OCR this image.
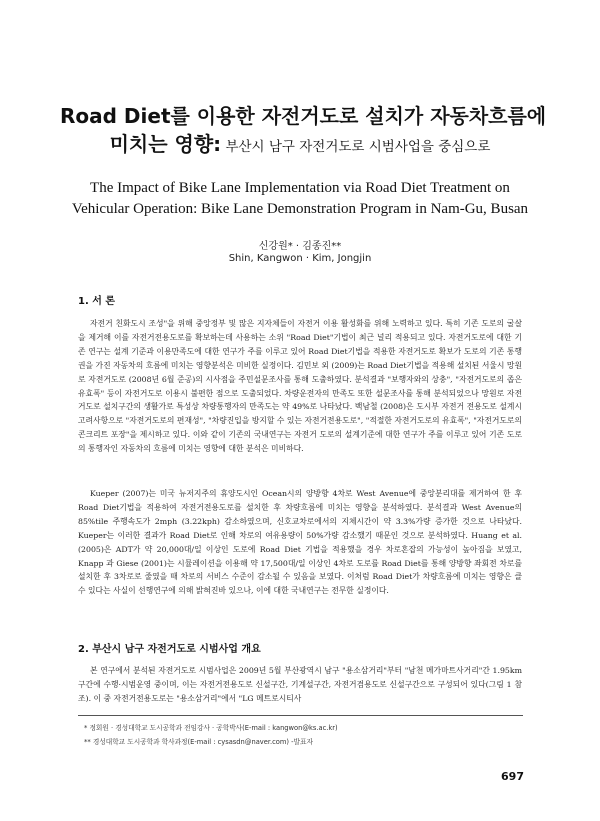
Road Diet를 이용한 자전거도로 설치가 자동차흐름에
미치는 영향: 부산시 남구 자전거도로 시범사업을 중심으로
The Impact of Bike Lane Implementation via Road Diet Treatment on
Vehicular Operation: Bike Lane Demonstration Program in Nam-Gu, Busan
신강원* · 김종진**
Shin, Kangwon · Kim, Jongjin
1. 서 론

자전거 친화도시 조성"을 위해 중앙정부 및 많은 지자체들이 자전거 이용 활성화를 위해 노력하고 있다. 특히 기존 도로의 굴살을 제거해 이를 자전거전용도로를 확보하는데 사용하는 소위 "Road Diet"기법이 최근 널리 적용되고 있다. 자전거도로에 대한 기존 연구는 설계 기준과 이용만족도에 대한 연구가 주를 이루고 있어 Road Diet기법을 적용한 자전거도로 확보가 도로의 기존 통행권을 가진 자동차의 흐름에 미치는 영향분석은 미비한 실정이다. 김민보 외 (2009)는 Road Diet기법을 적용해 설치된 서울시 망원로 자전거도로 (2008년 6월 준공)의 시사점을 주민설문조사를 통해 도출하였다. 분석결과 "보행자와의 상충", "자전거도로의 좁은 유효폭" 등이 자전거도로 이용시 불편한 점으로 도출되었다. 차량운전자의 만족도 또한 설문조사를 통해 분석되었으나 망원로 자전거도로 설치구간의 생활가로 특성상 차량통행자의 만족도는 약 49%로 나타났다. 백남철 (2008)은 도시부 자전거 전용도로 설계시 고려사항으로 "자전거도로의 편재성", "차량진입을 방지할 수 있는 자전거전용도로", "적절한 자전거도로의 유효폭", "자전거도로의 콘크리트 포장"을 제시하고 있다. 이와 같이 기존의 국내연구는 자전거 도로의 설계기준에 대한 연구가 주를 이루고 있어 기존 도로의 통행자인 자동차의 흐름에 미치는 영향에 대한 분석은 미비하다.

Kueper (2007)는 미국 뉴저지주의 휴양도시인 Ocean시의 양방향 4차로 West Avenue에 중앙분리대를 제거하여 한 후 Road Diet기법을 적용하여 자전거전용도로를 설치한 후 차량흐름에 미치는 영향을 분석하였다. 분석결과 West Avenue의 85%tile 주행속도가 2mph (3.22kph) 감소하였으며, 신호교차로에서의 지체시간이 약 3.3%가량 증가한 것으로 나타났다. Kueper는 이러한 결과가 Road Diet로 인해 차로의 여유용량이 50%가량 감소했기 때문인 것으로 분석하였다. Huang et al. (2005)은 ADT가 약 20,000대/일 이상인 도로에 Road Diet 기법을 적용했을 경우 차로혼잡의 가능성이 높아짐을 보였고, Knapp 과 Giese (2001)는 시뮬레이션을 이용해 약 17,500대/일 이상인 4차로 도로를 Road Diet를 통해 양방향 좌회전 차로를 설치한 후 3차로로 줄였을 때 차로의 서비스 수준이 감소될 수 있음을 보였다. 이처럼 Road Diet가 차량흐름에 미치는 영향은 클 수 있다는 사실이 선행연구에 의해 밝혀진바 있으나, 이에 대한 국내연구는 전무한 실정이다.

2. 부산시 남구 자전거도로 시범사업 개요

본 연구에서 분석된 자전거도로 시범사업은 2009년 5월 부산광역시 남구 "용소삼거리"부터 "남천 메가마트사거리"간 1.95km구간에 수행·시범운영 중이며, 이는 자전거전용도로 신설구간, 기계설구간, 자전거겸용도로 신설구간으로 구성되어 있다(그림 1 참조). 이 중 자전거전용도로는 "용소삼거리"에서 "LG 메트로시티사

* 정회원 · 경성대학교 도시공학과 전임강사 · 공학박사(E-mail : kangwon@ks.ac.kr)
** 경성대학교 도시공학과 학사과정(E-mail : cysasdn@naver.com) -발표자
697
